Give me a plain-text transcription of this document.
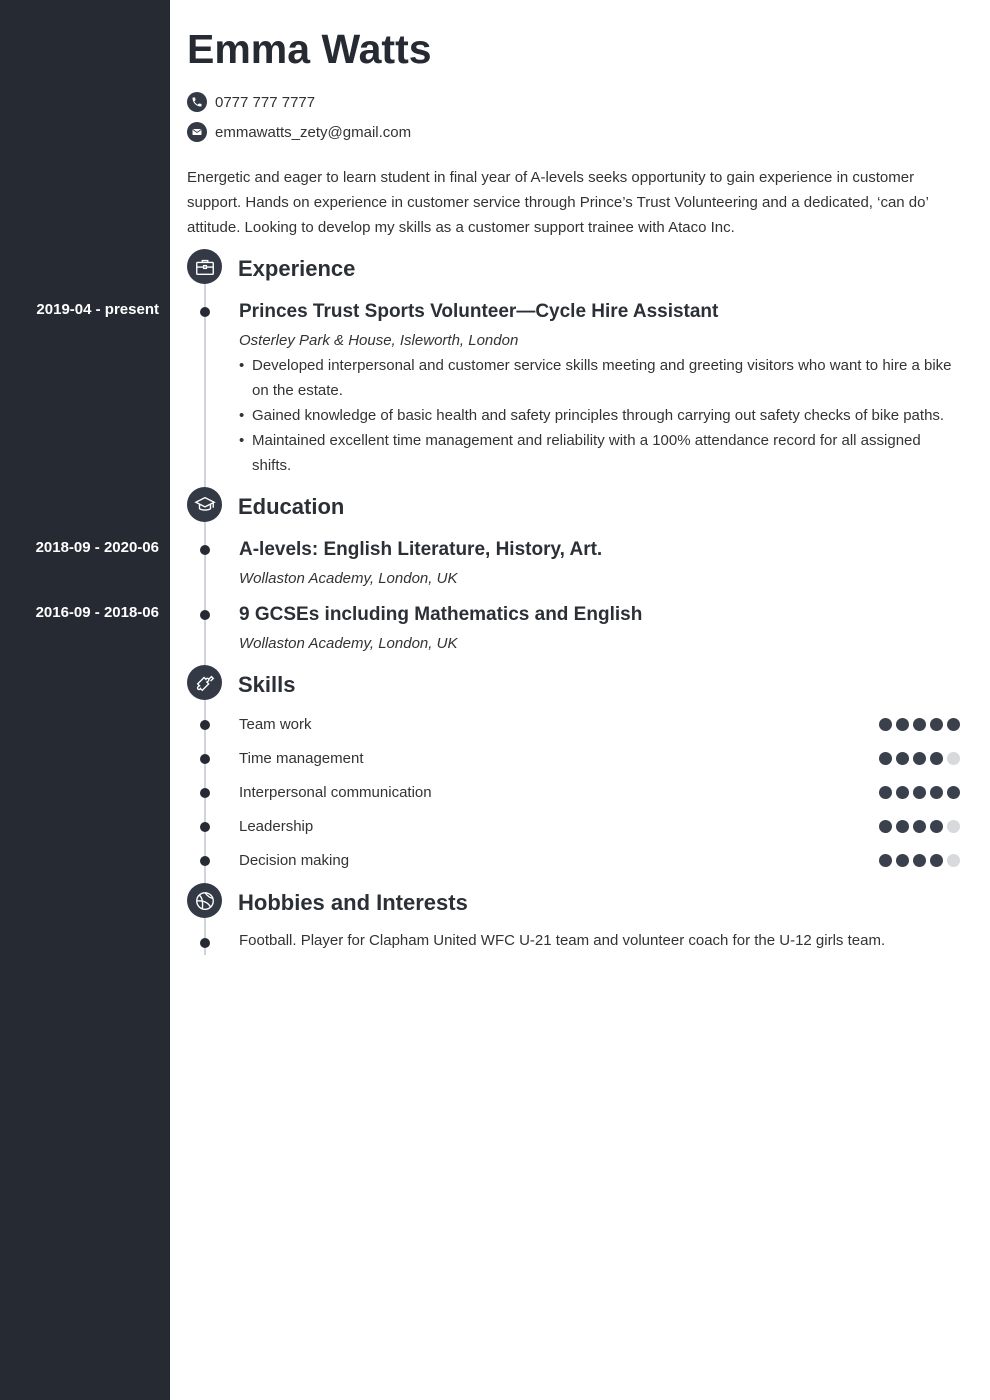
Emma Watts
0777 777 7777
emmawatts_zety@gmail.com

Energetic and eager to learn student in final year of A-levels seeks opportunity to gain experience in customer support. Hands on experience in customer service through Prince’s Trust Volunteering and a dedicated, ‘can do’ attitude. Looking to develop my skills as a customer support trainee with Ataco Inc.

Experience
2019-04 - present	Princes Trust Sports Volunteer—Cycle Hire Assistant
Osterley Park & House, Isleworth, London
• Developed interpersonal and customer service skills meeting and greeting visitors who want to hire a bike on the estate.
• Gained knowledge of basic health and safety principles through carrying out safety checks of bike paths.
• Maintained excellent time management and reliability with a 100% attendance record for all assigned shifts.
Education
2018-09 - 2020-06	A-levels: English Literature, History, Art.
Wollaston Academy, London, UK
2016-09 - 2018-06	9 GCSEs including Mathematics and English
Wollaston Academy, London, UK
Skills
Team work
Time management
Interpersonal communication
Leadership
Decision making
Hobbies and Interests
Football. Player for Clapham United WFC U-21 team and volunteer coach for the U-12 girls team.
